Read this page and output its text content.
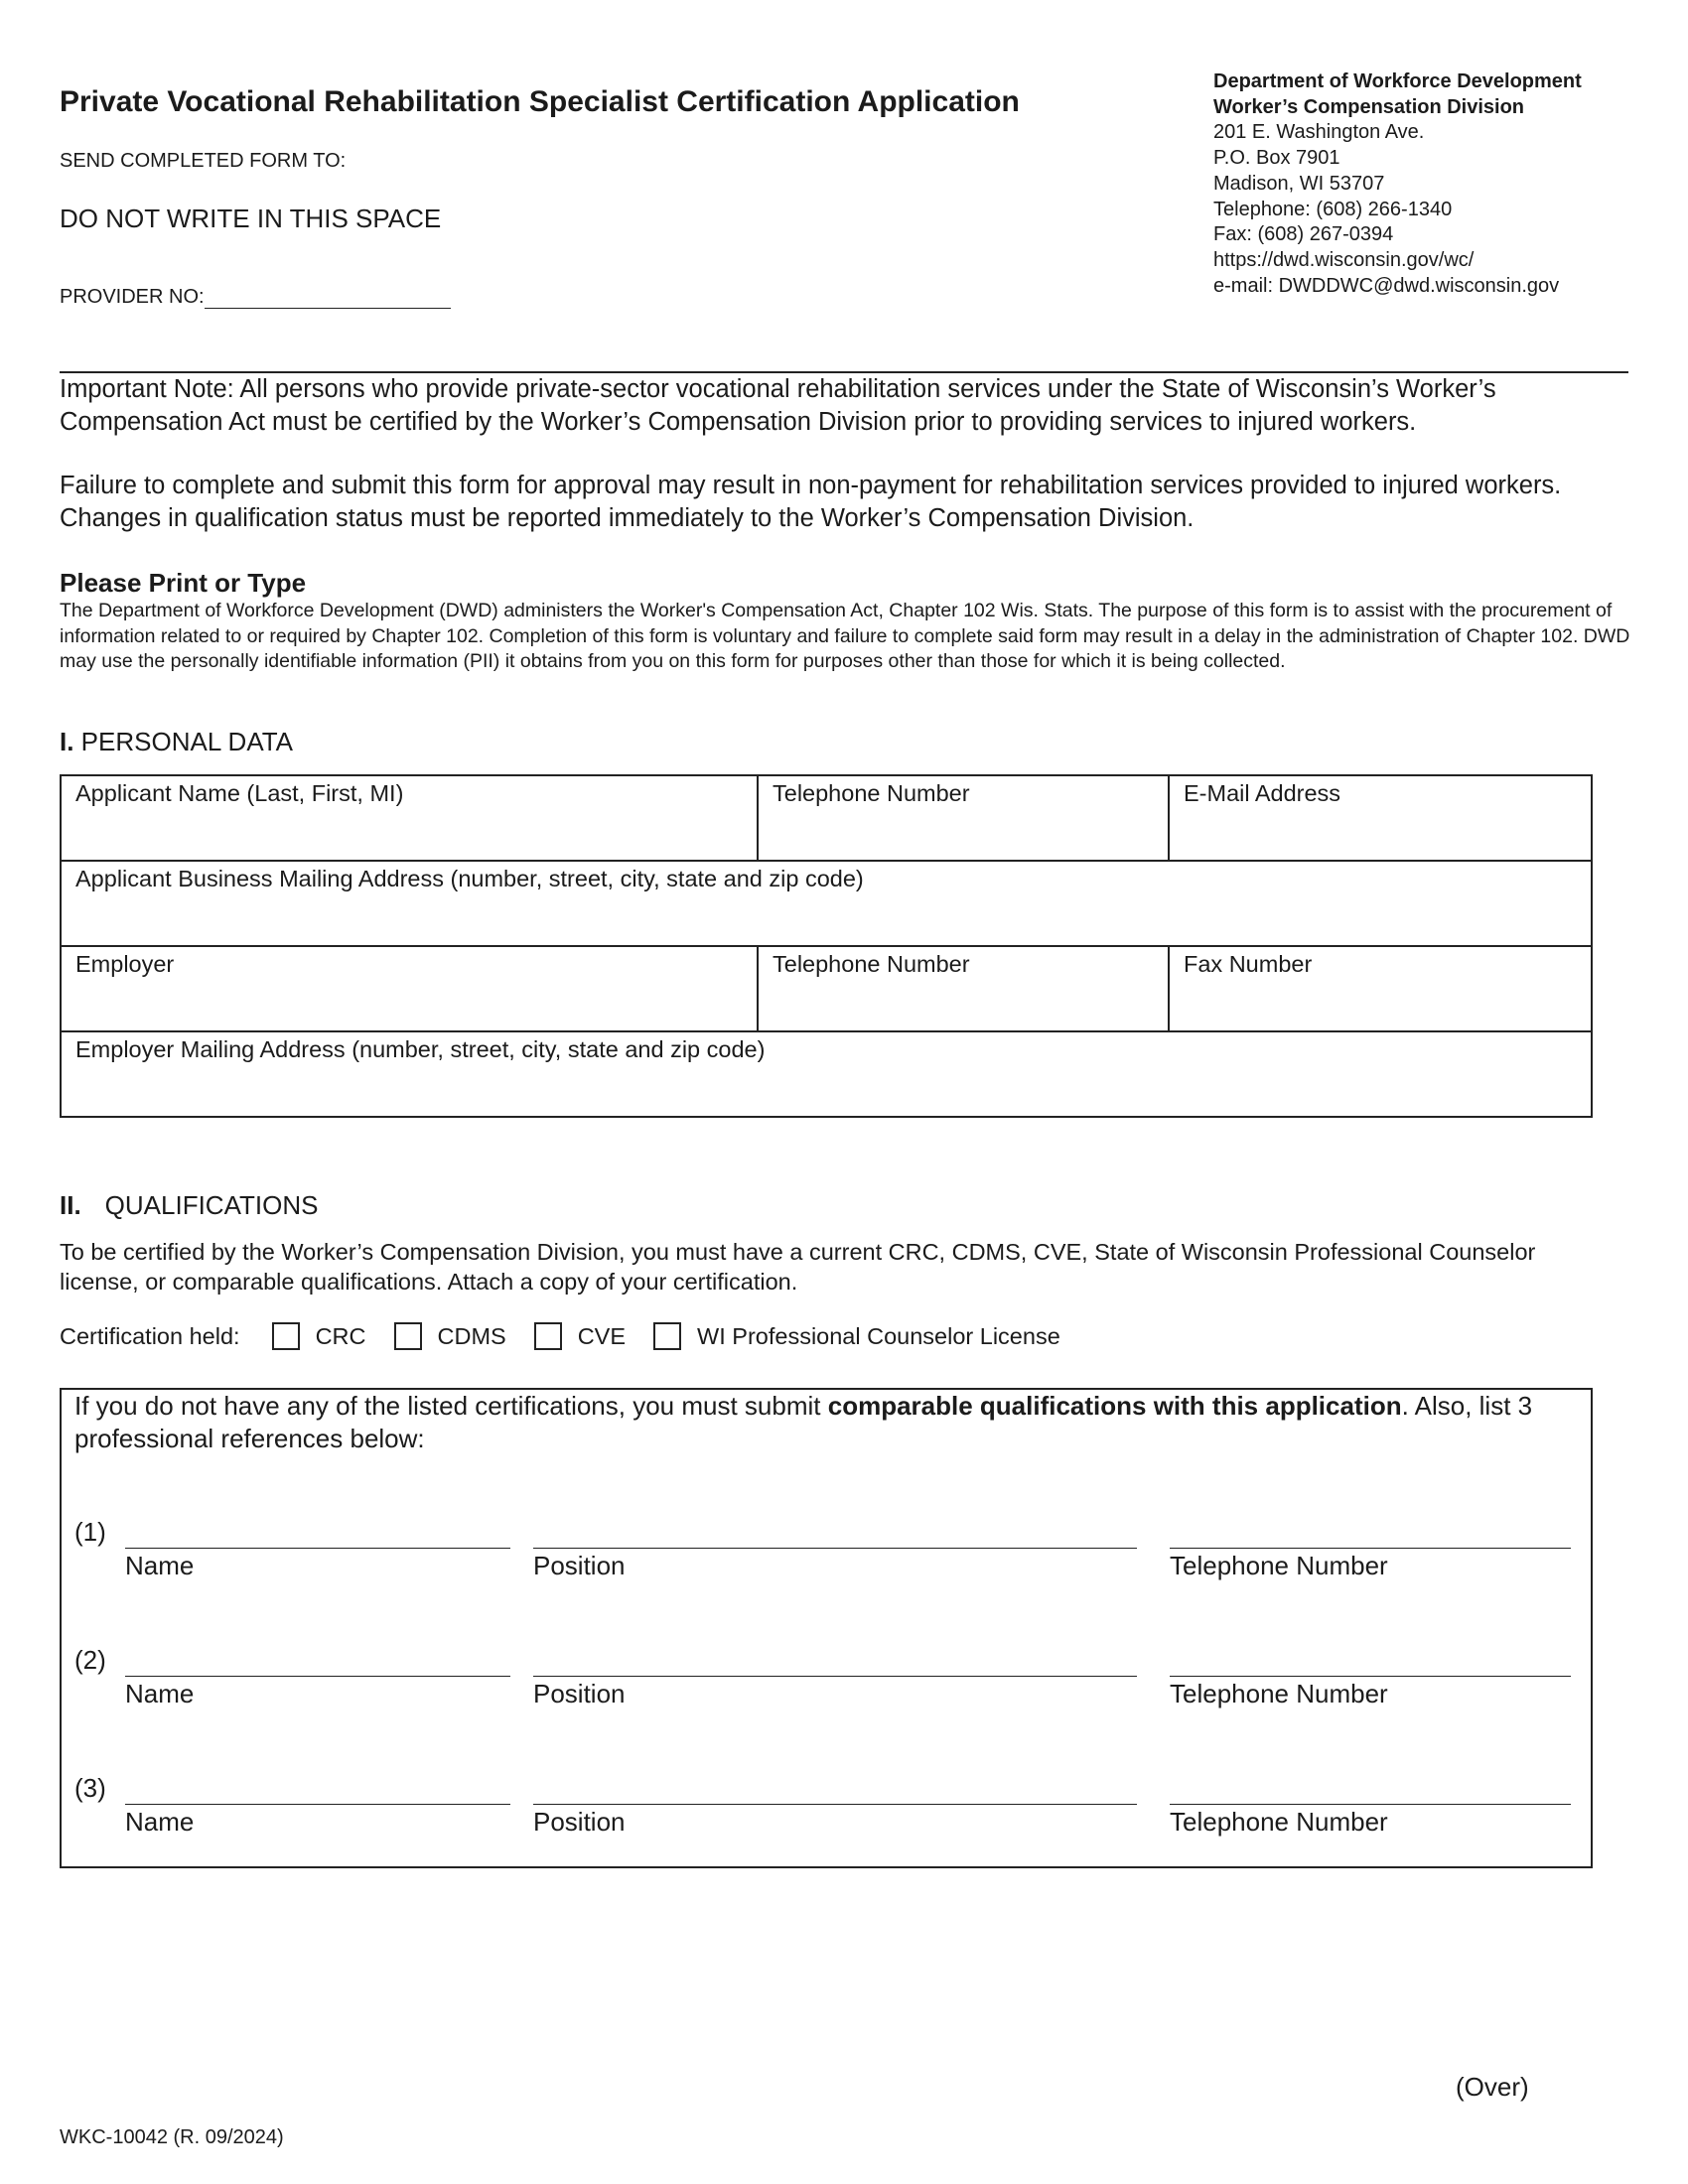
Private Vocational Rehabilitation Specialist Certification Application
SEND COMPLETED FORM TO:
DO NOT WRITE IN THIS SPACE
PROVIDER NO:
Department of Workforce Development
Worker’s Compensation Division
201 E. Washington Ave.
P.O. Box 7901
Madison, WI 53707
Telephone: (608) 266-1340
Fax: (608) 267-0394
https://dwd.wisconsin.gov/wc/
e-mail: DWDDWC@dwd.wisconsin.gov
Important Note: All persons who provide private-sector vocational rehabilitation services under the State of Wisconsin’s Worker’s Compensation Act must be certified by the Worker’s Compensation Division prior to providing services to injured workers.
Failure to complete and submit this form for approval may result in non-payment for rehabilitation services provided to injured workers. Changes in qualification status must be reported immediately to the Worker’s Compensation Division.
Please Print or Type
The Department of Workforce Development (DWD) administers the Worker's Compensation Act, Chapter 102 Wis. Stats. The purpose of this form is to assist with the procurement of information related to or required by Chapter 102. Completion of this form is voluntary and failure to complete said form may result in a delay in the administration of Chapter 102. DWD may use the personally identifiable information (PII) it obtains from you on this form for purposes other than those for which it is being collected.
I. PERSONAL DATA
Applicant Name (Last, First, MI)	Telephone Number	E-Mail Address
Applicant Business Mailing Address (number, street, city, state and zip code)		
Employer	Telephone Number	Fax Number
Employer Mailing Address (number, street, city, state and zip code)		
II. QUALIFICATIONS
To be certified by the Worker’s Compensation Division, you must have a current CRC, CDMS, CVE, State of Wisconsin Professional Counselor license, or comparable qualifications. Attach a copy of your certification.
Certification held:	CRC	CDMS	CVE	WI Professional Counselor License
If you do not have any of the listed certifications, you must submit comparable qualifications with this application. Also, list 3 professional references below:
(1)
Name	Position	Telephone Number
(2)
Name	Position	Telephone Number
(3)
Name	Position	Telephone Number
(Over)
WKC-10042 (R. 09/2024)
